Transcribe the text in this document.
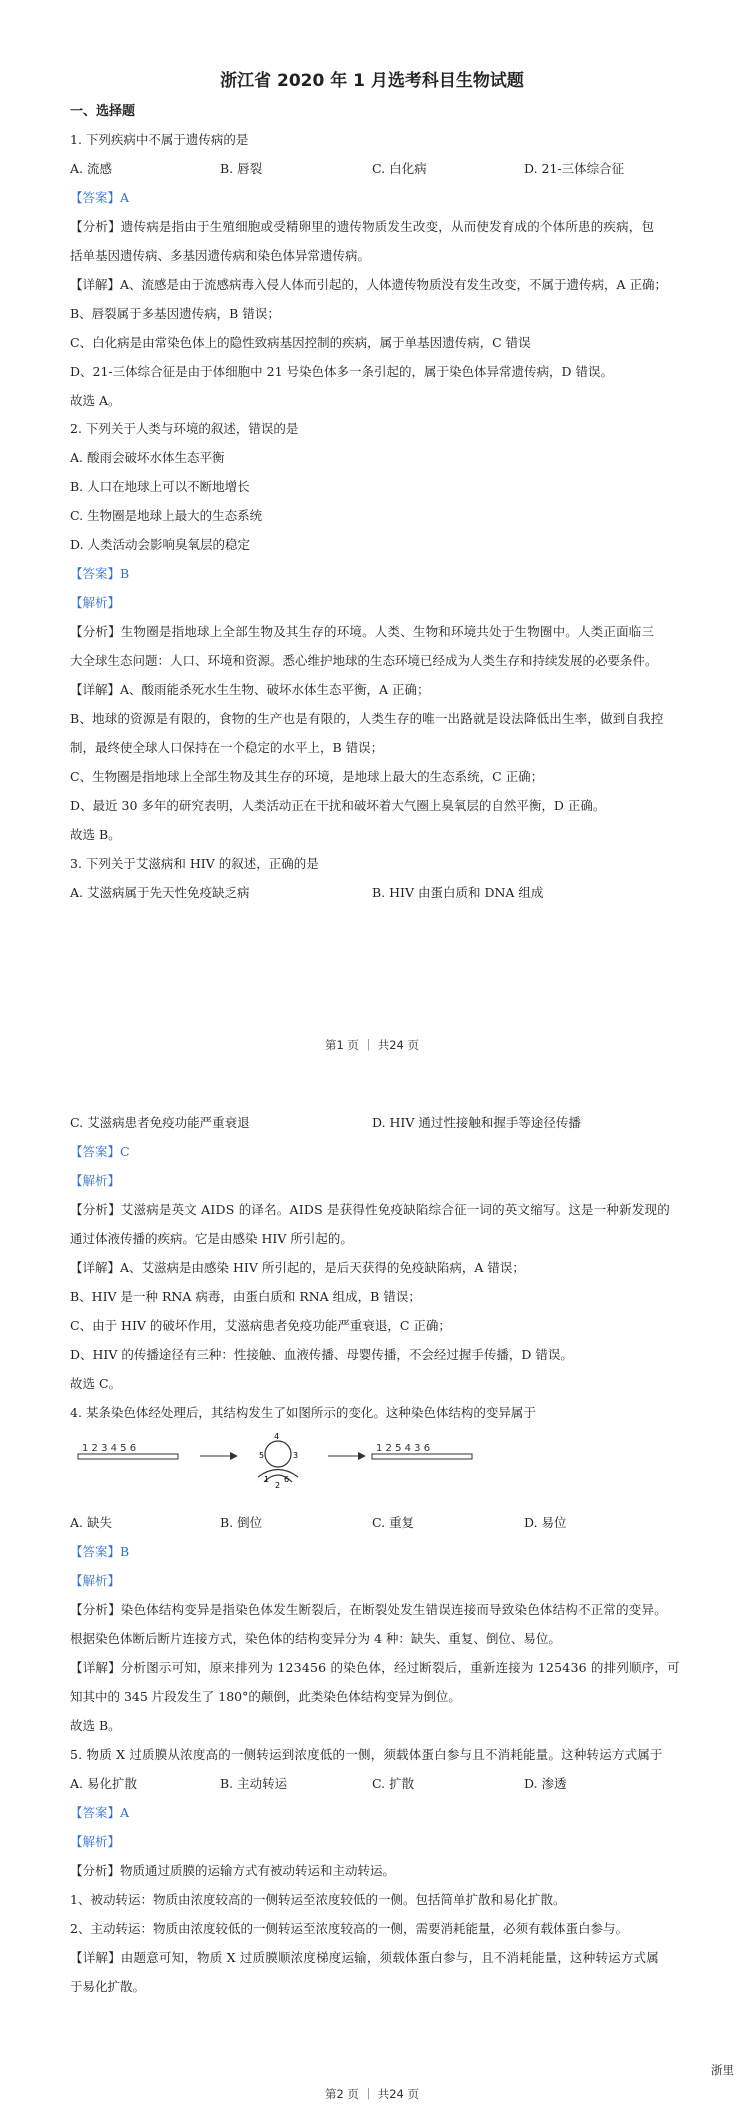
浙江省 2020 年 1 月选考科目生物试题
一、选择题
1. 下列疾病中不属于遗传病的是
A. 流感	B. 唇裂	C. 白化病	D. 21-三体综合征
【答案】A
【分析】遗传病是指由于生殖细胞或受精卵里的遗传物质发生改变，从而使发育成的个体所患的疾病，包
括单基因遗传病、多基因遗传病和染色体异常遗传病。
【详解】A、流感是由于流感病毒入侵人体而引起的，人体遗传物质没有发生改变，不属于遗传病，A 正确；
B、唇裂属于多基因遗传病，B 错误；
C、白化病是由常染色体上的隐性致病基因控制的疾病，属于单基因遗传病，C 错误
D、21-三体综合征是由于体细胞中 21 号染色体多一条引起的，属于染色体异常遗传病，D 错误。
故选 A。
2. 下列关于人类与环境的叙述，错误的是
A. 酸雨会破坏水体生态平衡
B. 人口在地球上可以不断地增长
C. 生物圈是地球上最大的生态系统
D. 人类活动会影响臭氧层的稳定
【答案】B
【解析】
【分析】生物圈是指地球上全部生物及其生存的环境。人类、生物和环境共处于生物圈中。人类正面临三
大全球生态问题：人口、环境和资源。悉心维护地球的生态环境已经成为人类生存和持续发展的必要条件。
【详解】A、酸雨能杀死水生生物、破坏水体生态平衡，A 正确；
B、地球的资源是有限的，食物的生产也是有限的，人类生存的唯一出路就是设法降低出生率，做到自我控
制，最终使全球人口保持在一个稳定的水平上，B 错误；
C、生物圈是指地球上全部生物及其生存的环境，是地球上最大的生态系统，C 正确；
D、最近 30 多年的研究表明，人类活动正在干扰和破坏着大气圈上臭氧层的自然平衡，D 正确。
故选 B。
3. 下列关于艾滋病和 HIV 的叙述，正确的是
A. 艾滋病属于先天性免疫缺乏病	B. HIV 由蛋白质和 DNA 组成
第1 页 ｜ 共24 页
C. 艾滋病患者免疫功能严重衰退	D. HIV 通过性接触和握手等途径传播
【答案】C
【解析】
【分析】艾滋病是英文 AIDS 的译名。AIDS 是获得性免疫缺陷综合征一词的英文缩写。这是一种新发现的
通过体液传播的疾病。它是由感染 HIV 所引起的。
【详解】A、艾滋病是由感染 HIV 所引起的，是后天获得的免疫缺陷病，A 错误；
B、HIV 是一种 RNA 病毒，由蛋白质和 RNA 组成，B 错误；
C、由于 HIV 的破坏作用，艾滋病患者免疫功能严重衰退，C 正确；
D、HIV 的传播途径有三种：性接触、血液传播、母婴传播，不会经过握手传播，D 错误。
故选 C。
4. 某条染色体经处理后，其结构发生了如图所示的变化。这种染色体结构的变异属于
1 2 3 4 5 6
4
5	3
1
2
6
1 2 5 4 3 6
A. 缺失	B. 倒位	C. 重复	D. 易位
【答案】B
【解析】
【分析】染色体结构变异是指染色体发生断裂后，在断裂处发生错误连接而导致染色体结构不正常的变异。
根据染色体断后断片连接方式，染色体的结构变异分为 4 种：缺失、重复、倒位、易位。
【详解】分析图示可知，原来排列为 123456 的染色体，经过断裂后，重新连接为 125436 的排列顺序，可
知其中的 345 片段发生了 180°的颠倒，此类染色体结构变异为倒位。
故选 B。
5. 物质 X 过质膜从浓度高的一侧转运到浓度低的一侧，须载体蛋白参与且不消耗能量。这种转运方式属于
A. 易化扩散	B. 主动转运	C. 扩散	D. 渗透
【答案】A
【解析】
【分析】物质通过质膜的运输方式有被动转运和主动转运。
1、被动转运：物质由浓度较高的一侧转运至浓度较低的一侧。包括简单扩散和易化扩散。
2、主动转运：物质由浓度较低的一侧转运至浓度较高的一侧，需要消耗能量，必须有载体蛋白参与。
【详解】由题意可知，物质 X 过质膜顺浓度梯度运输，须载体蛋白参与，且不消耗能量，这种转运方式属
于易化扩散。
浙里
第2 页 ｜ 共24 页
